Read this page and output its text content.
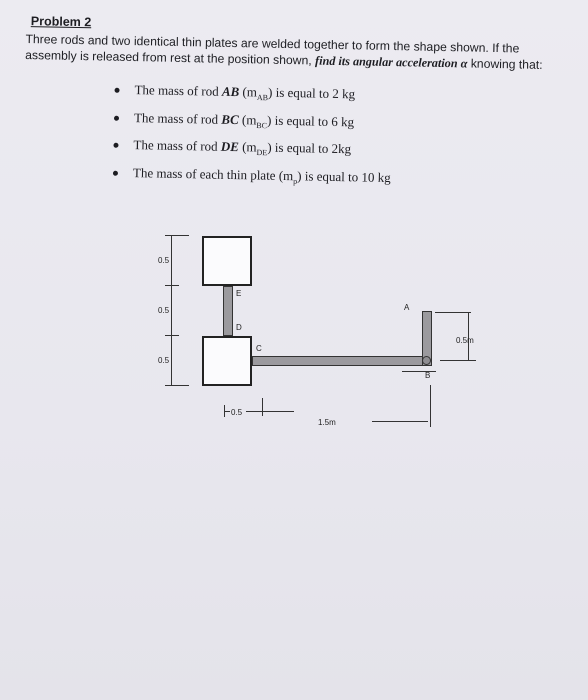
Problem 2

Three rods and two identical thin plates are welded together to form the shape shown. If the assembly is released from rest at the position shown, find its angular acceleration α knowing that:

The mass of rod AB $(m_{AB})$ is equal to 2 kg
The mass of rod BC $(m_{BC})$ is equal to 6 kg
The mass of rod DE $(m_{DE})$ is equal to 2kg
The mass of each thin plate $(m_p)$ is equal to 10 kg
0.5
0.5
0.5
E
D
C
A
B
0.5m
0.5
1.5m
